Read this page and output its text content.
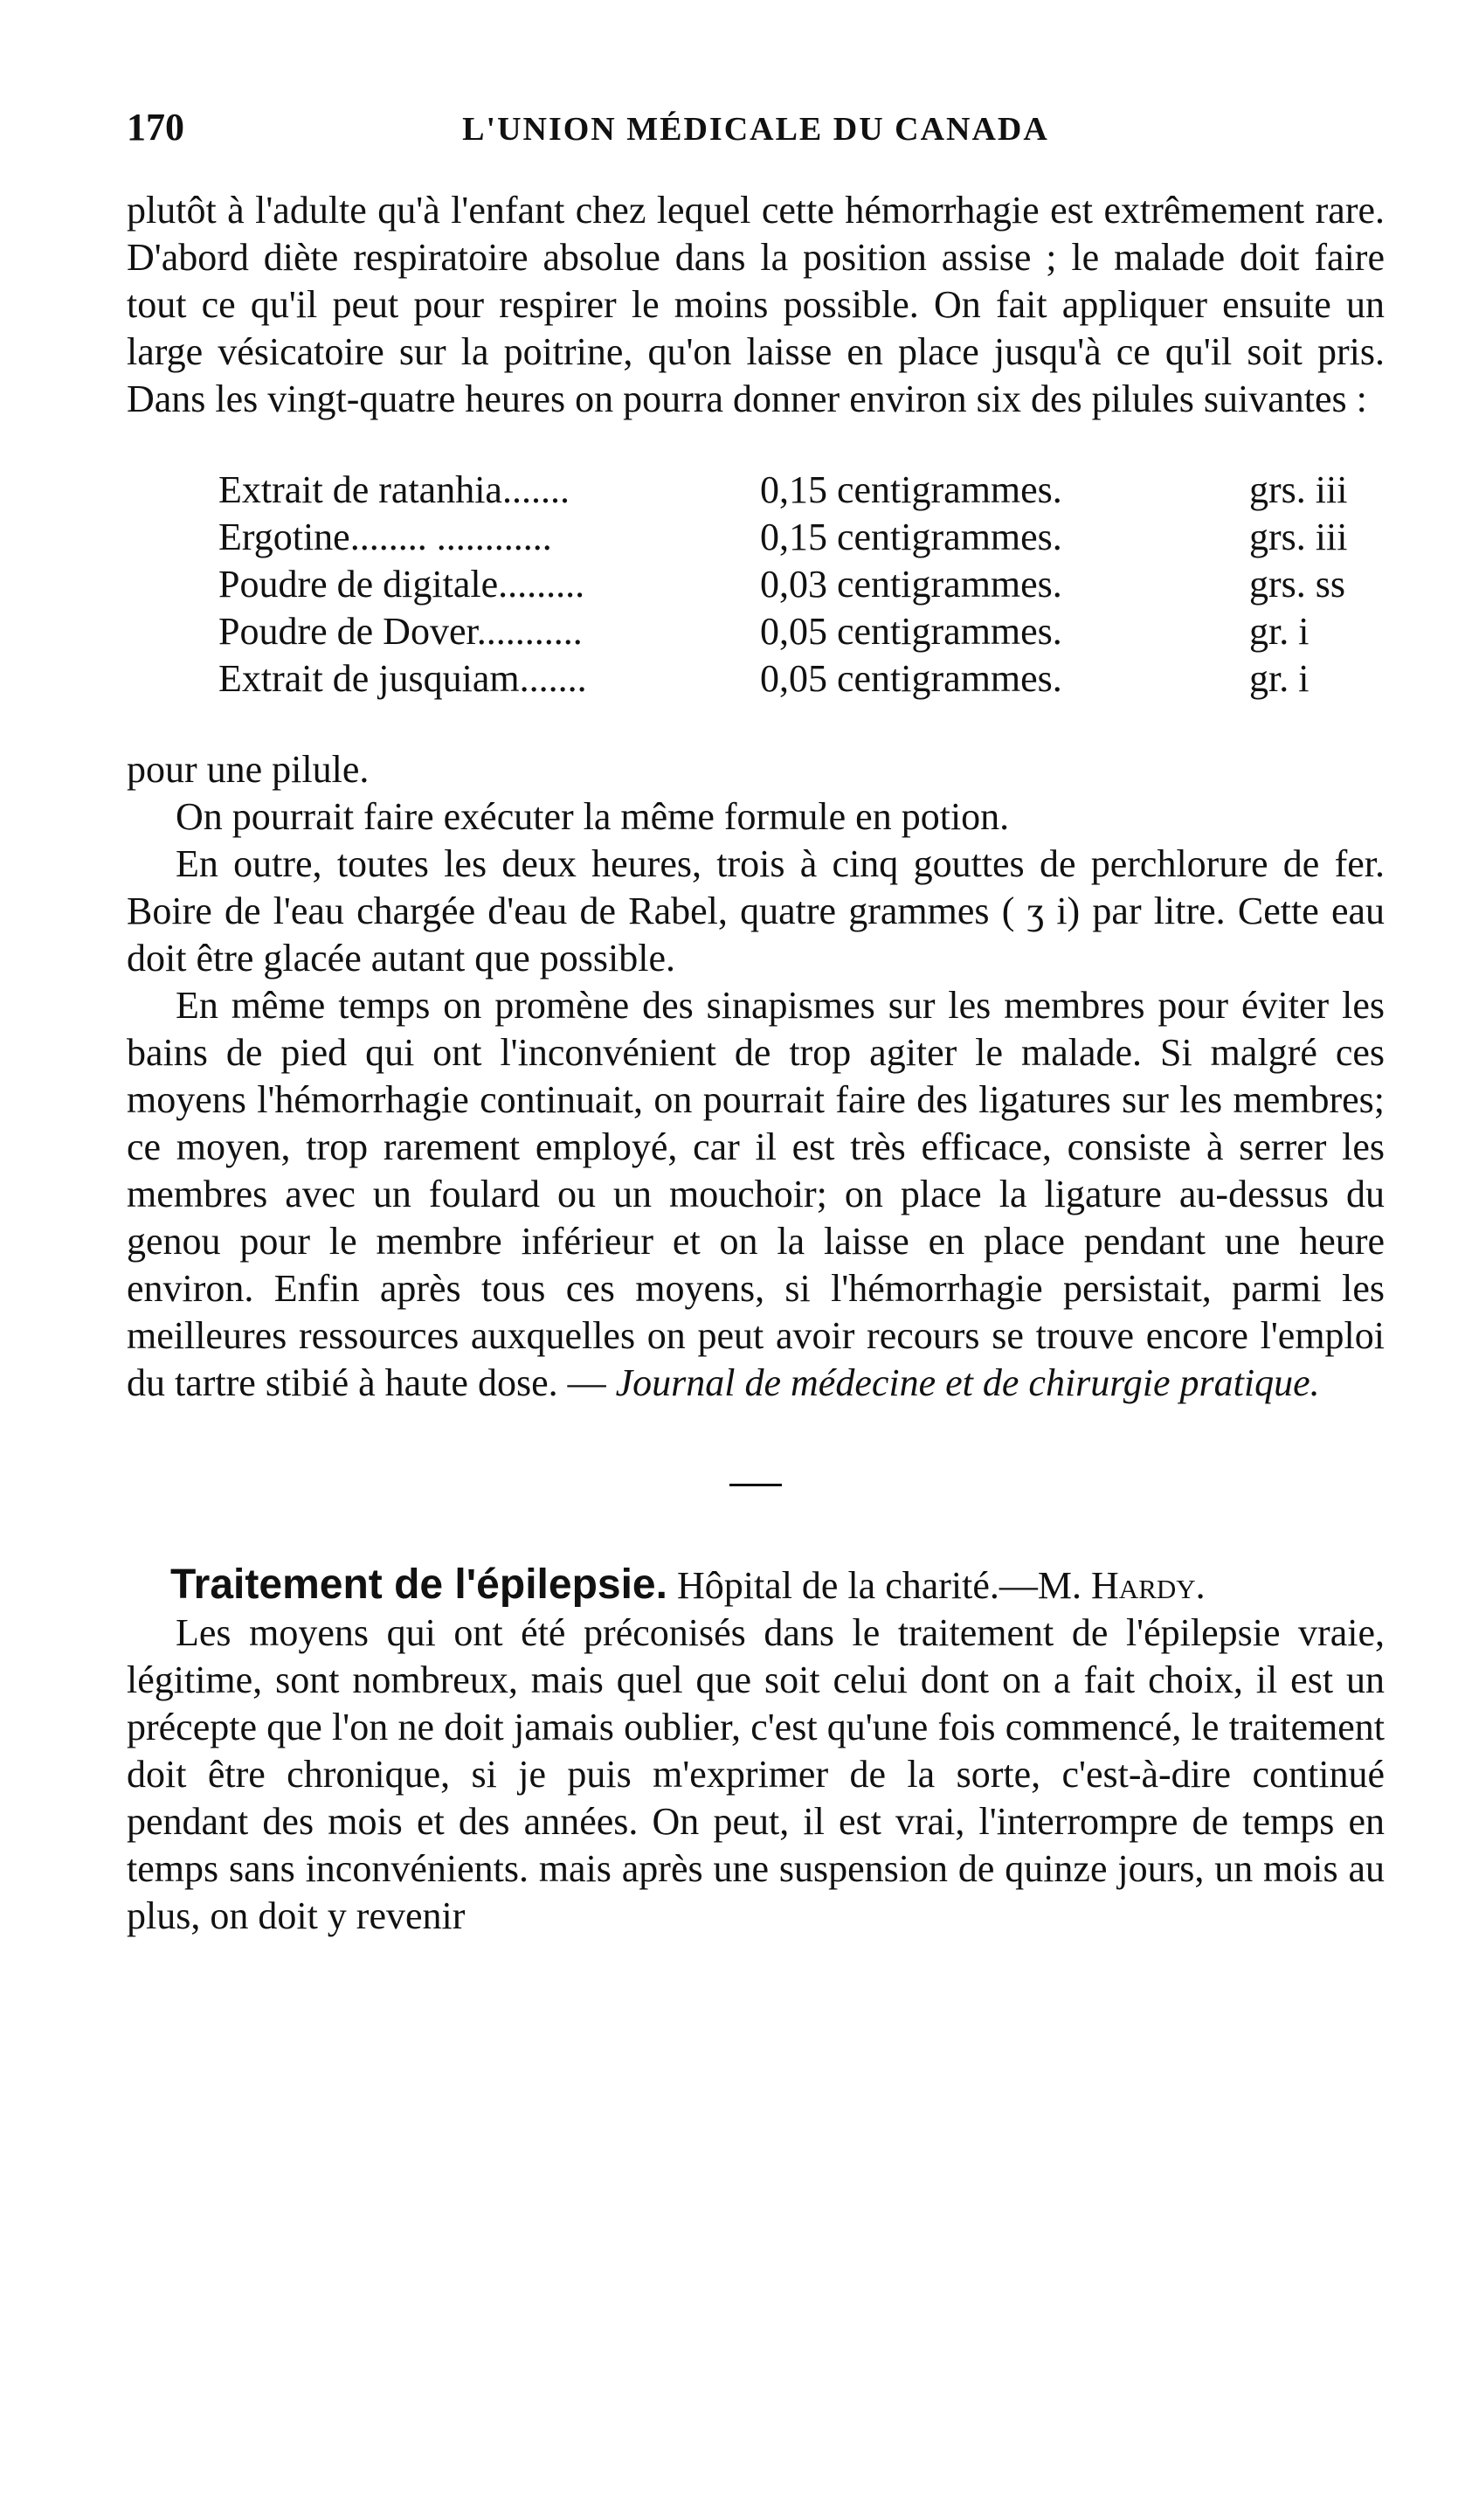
170	L'UNION MÉDICALE DU CANADA

plutôt à l'adulte qu'à l'enfant chez lequel cette hémorrhagie est extrêmement rare. D'abord diète respiratoire absolue dans la position assise ; le malade doit faire tout ce qu'il peut pour respirer le moins possible. On fait appliquer ensuite un large vésicatoire sur la poitrine, qu'on laisse en place jusqu'à ce qu'il soit pris. Dans les vingt-quatre heures on pourra donner environ six des pilules suivantes :

Extrait de ratanhia.......	0,15 centigrammes.	grs. iii
Ergotine........ ............	0,15 centigrammes.	grs. iii
Poudre de digitale.........	0,03 centigrammes.	grs. ss
Poudre de Dover...........	0,05 centigrammes.	gr. i
Extrait de jusquiam.......	0,05 centigrammes.	gr. i

pour une pilule.

On pourrait faire exécuter la même formule en potion.

En outre, toutes les deux heures, trois à cinq gouttes de perchlorure de fer. Boire de l'eau chargée d'eau de Rabel, quatre grammes ( ʒ i) par litre. Cette eau doit être glacée autant que possible.

En même temps on promène des sinapismes sur les membres pour éviter les bains de pied qui ont l'inconvénient de trop agiter le malade. Si malgré ces moyens l'hémorrhagie continuait, on pourrait faire des ligatures sur les membres; ce moyen, trop rarement employé, car il est très efficace, consiste à serrer les membres avec un foulard ou un mouchoir; on place la ligature au-dessus du genou pour le membre inférieur et on la laisse en place pendant une heure environ. Enfin après tous ces moyens, si l'hémorrhagie persistait, parmi les meilleures ressources auxquelles on peut avoir recours se trouve encore l'emploi du tartre stibié à haute dose. — Journal de médecine et de chirurgie pratique.

Traitement de l'épilepsie. Hôpital de la charité.—M. Hardy.

Les moyens qui ont été préconisés dans le traitement de l'épilepsie vraie, légitime, sont nombreux, mais quel que soit celui dont on a fait choix, il est un précepte que l'on ne doit jamais oublier, c'est qu'une fois commencé, le traitement doit être chronique, si je puis m'exprimer de la sorte, c'est-à-dire continué pendant des mois et des années. On peut, il est vrai, l'interrompre de temps en temps sans inconvénients. mais après une suspension de quinze jours, un mois au plus, on doit y revenir
